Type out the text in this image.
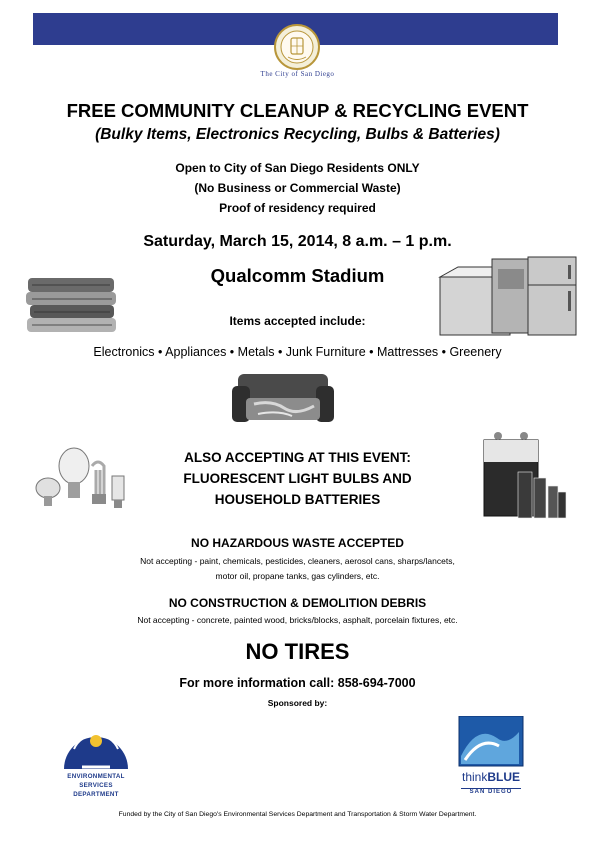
The City of San Diego
FREE COMMUNITY CLEANUP & RECYCLING EVENT
(Bulky Items, Electronics Recycling, Bulbs & Batteries)
Open to City of San Diego Residents ONLY
(No Business or Commercial Waste)
Proof of residency required
Saturday, March 15, 2014, 8 a.m. – 1 p.m.
Qualcomm Stadium
Items accepted include:
Electronics • Appliances • Metals • Junk Furniture • Mattresses • Greenery
ALSO ACCEPTING AT THIS EVENT:
FLUORESCENT LIGHT BULBS AND
HOUSEHOLD BATTERIES
NO HAZARDOUS WASTE ACCEPTED
Not accepting - paint, chemicals, pesticides, cleaners, aerosol cans, sharps/lancets,
motor oil, propane tanks, gas cylinders, etc.
NO CONSTRUCTION & DEMOLITION DEBRIS
Not accepting - concrete, painted wood, bricks/blocks, asphalt, porcelain fixtures, etc.
NO TIRES
For more information call: 858-694-7000
Sponsored by:
ENVIRONMENTAL
SERVICES
DEPARTMENT
thinkBLUE
SAN DIEGO
Funded by the City of San Diego's Environmental Services Department and Transportation & Storm Water Department.
